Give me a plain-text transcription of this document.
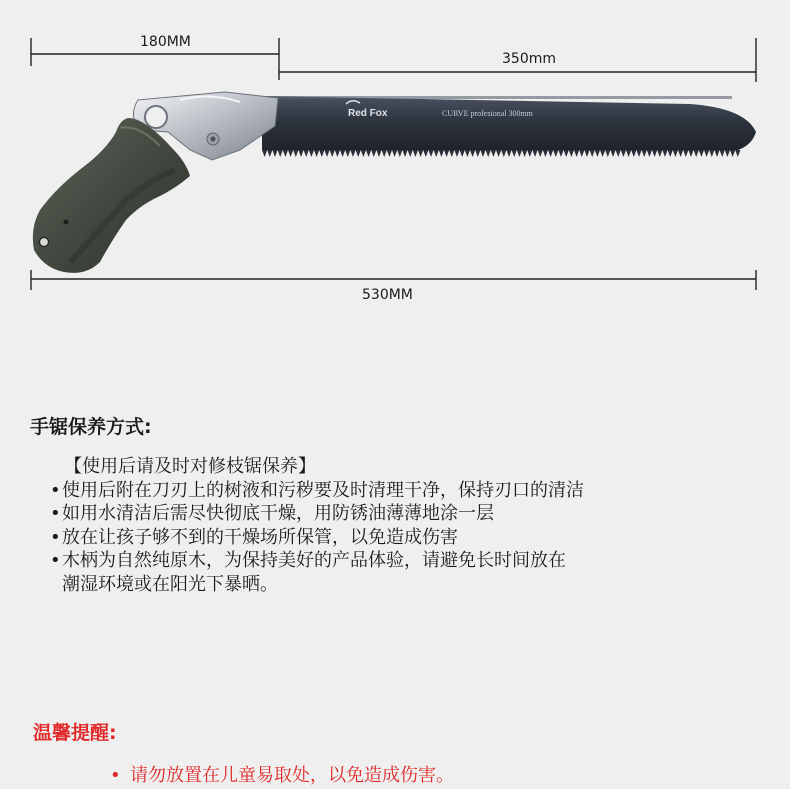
Red Fox	CURVE profesional 300mm
180MM
350mm
530MM
手锯保养方式:
【使用后请及时对修枝锯保养】
•使用后附在刀刃上的树液和污秽要及时清理干净，保持刃口的清洁
•如用水清洁后需尽快彻底干燥，用防锈油薄薄地涂一层
•放在让孩子够不到的干燥场所保管，以免造成伤害
•木柄为自然纯原木，为保持美好的产品体验，请避免长时间放在
潮湿环境或在阳光下暴晒。
温馨提醒:
• 请勿放置在儿童易取处，以免造成伤害。
